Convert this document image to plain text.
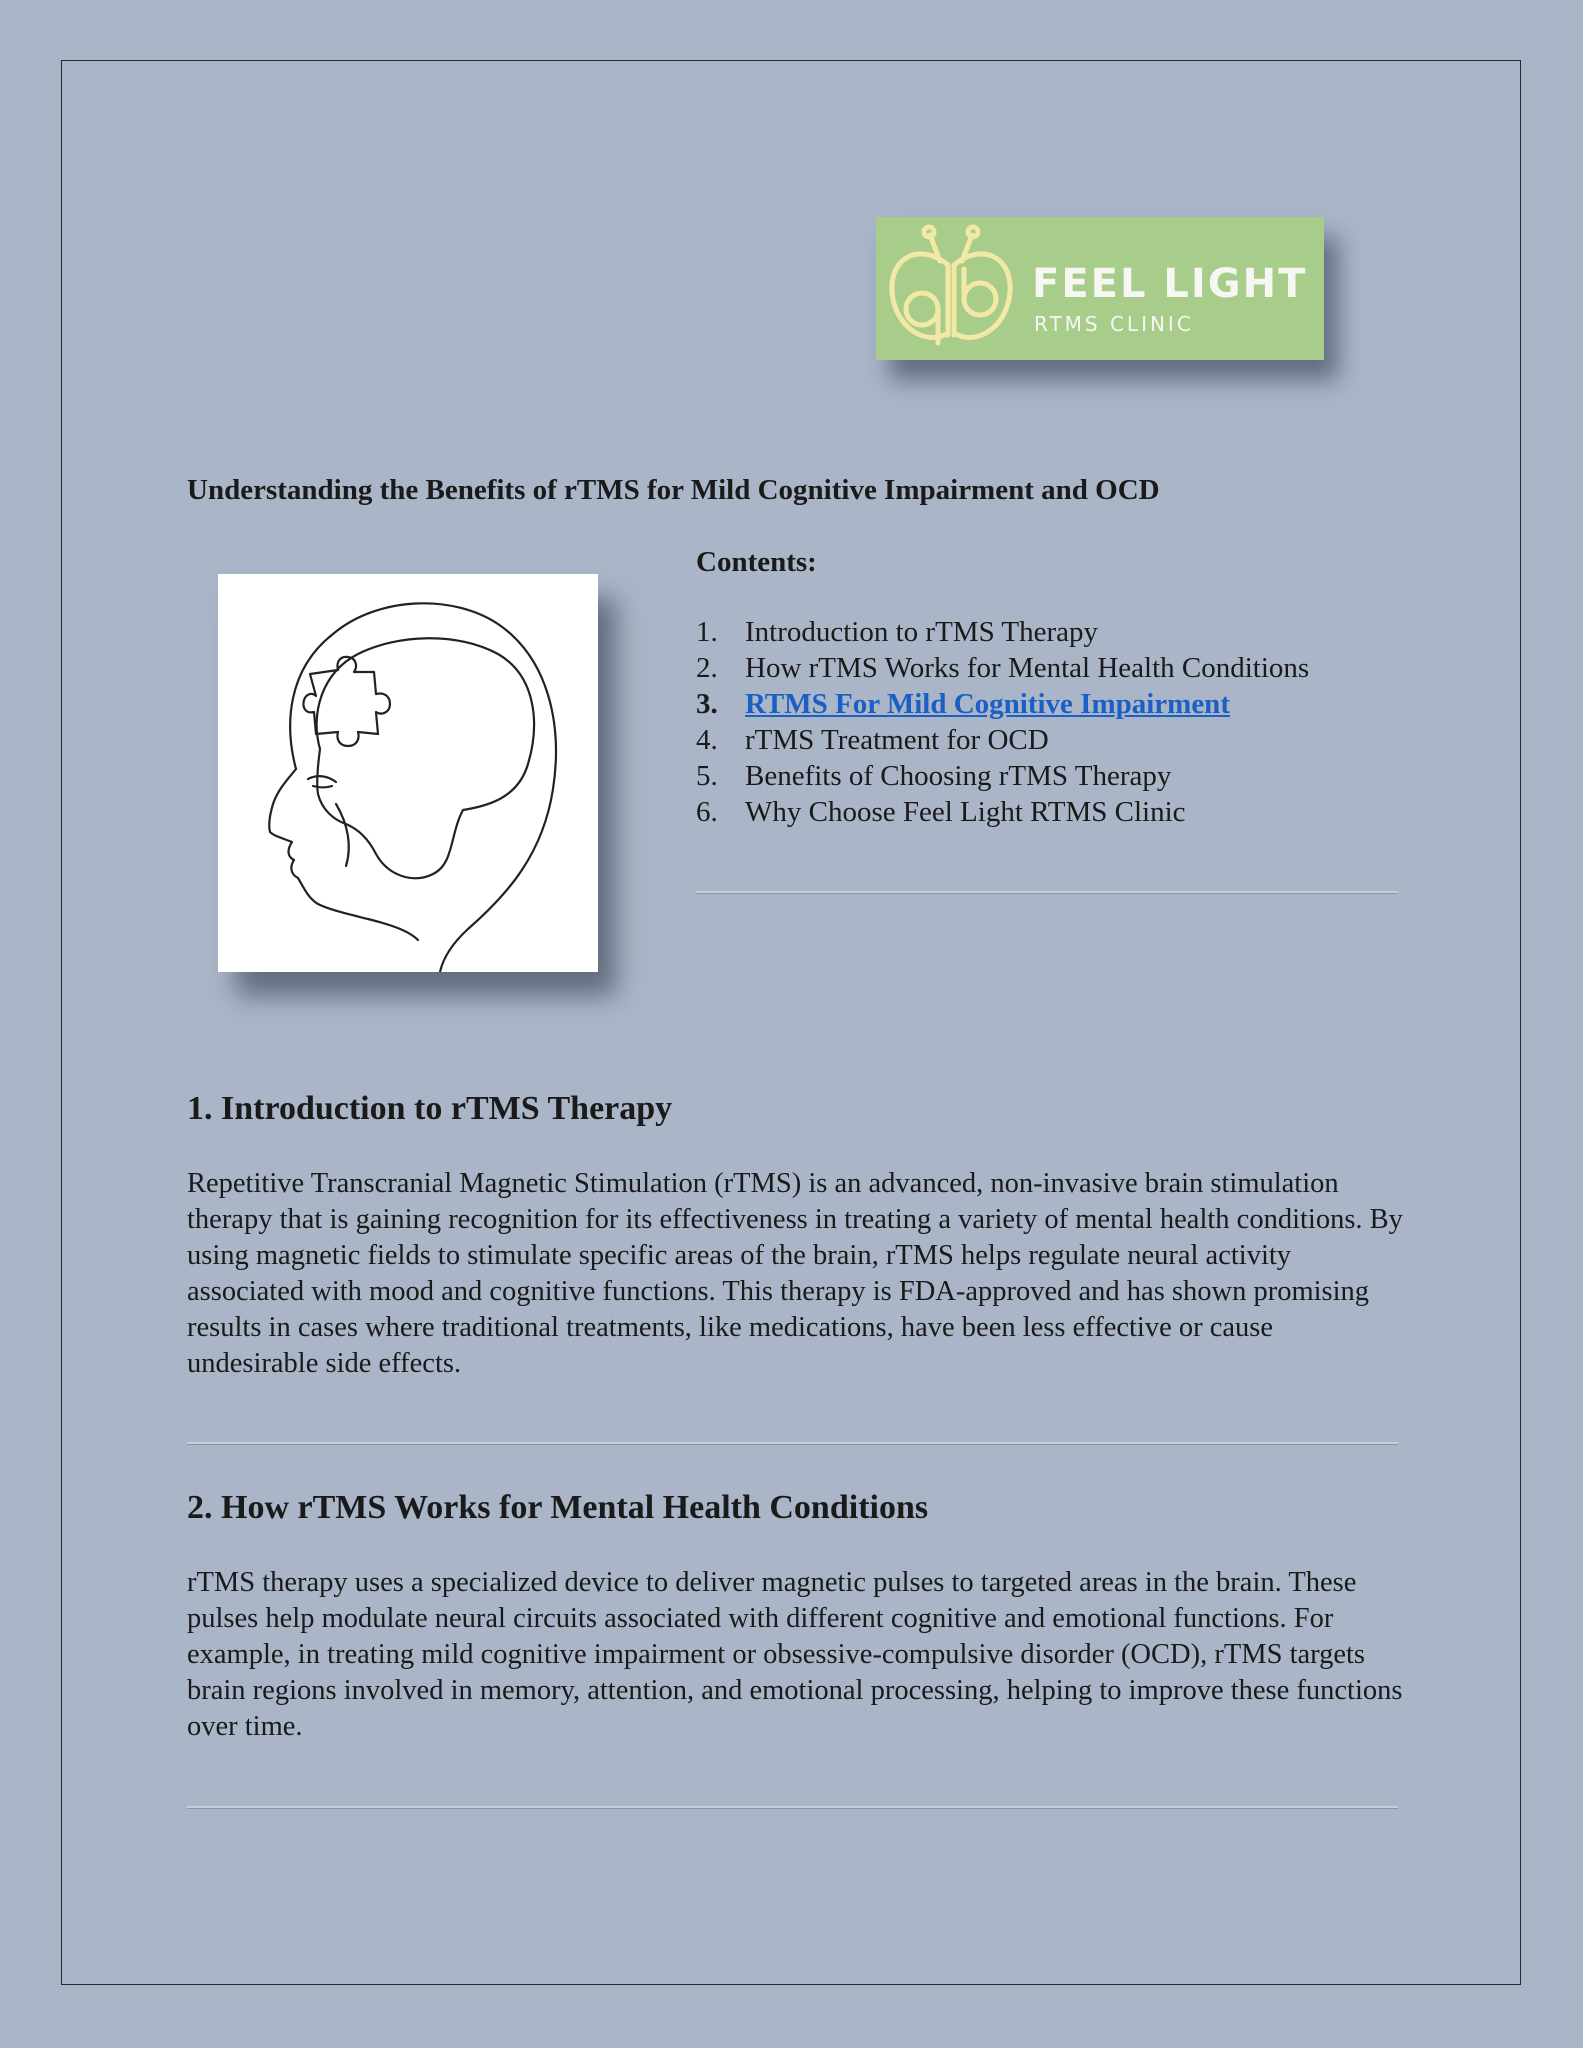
FEEL LIGHT
RTMS CLINIC
Understanding the Benefits of rTMS for Mild Cognitive Impairment and OCD
Contents:
1. Introduction to rTMS Therapy
2. How rTMS Works for Mental Health Conditions
3. RTMS For Mild Cognitive Impairment
4. rTMS Treatment for OCD
5. Benefits of Choosing rTMS Therapy
6. Why Choose Feel Light RTMS Clinic
1. Introduction to rTMS Therapy

Repetitive Transcranial Magnetic Stimulation (rTMS) is an advanced, non-invasive brain stimulation therapy that is gaining recognition for its effectiveness in treating a variety of mental health conditions. By using magnetic fields to stimulate specific areas of the brain, rTMS helps regulate neural activity associated with mood and cognitive functions. This therapy is FDA-approved and has shown promising results in cases where traditional treatments, like medications, have been less effective or cause undesirable side effects.

2. How rTMS Works for Mental Health Conditions

rTMS therapy uses a specialized device to deliver magnetic pulses to targeted areas in the brain. These pulses help modulate neural circuits associated with different cognitive and emotional functions. For example, in treating mild cognitive impairment or obsessive-compulsive disorder (OCD), rTMS targets brain regions involved in memory, attention, and emotional processing, helping to improve these functions over time.
